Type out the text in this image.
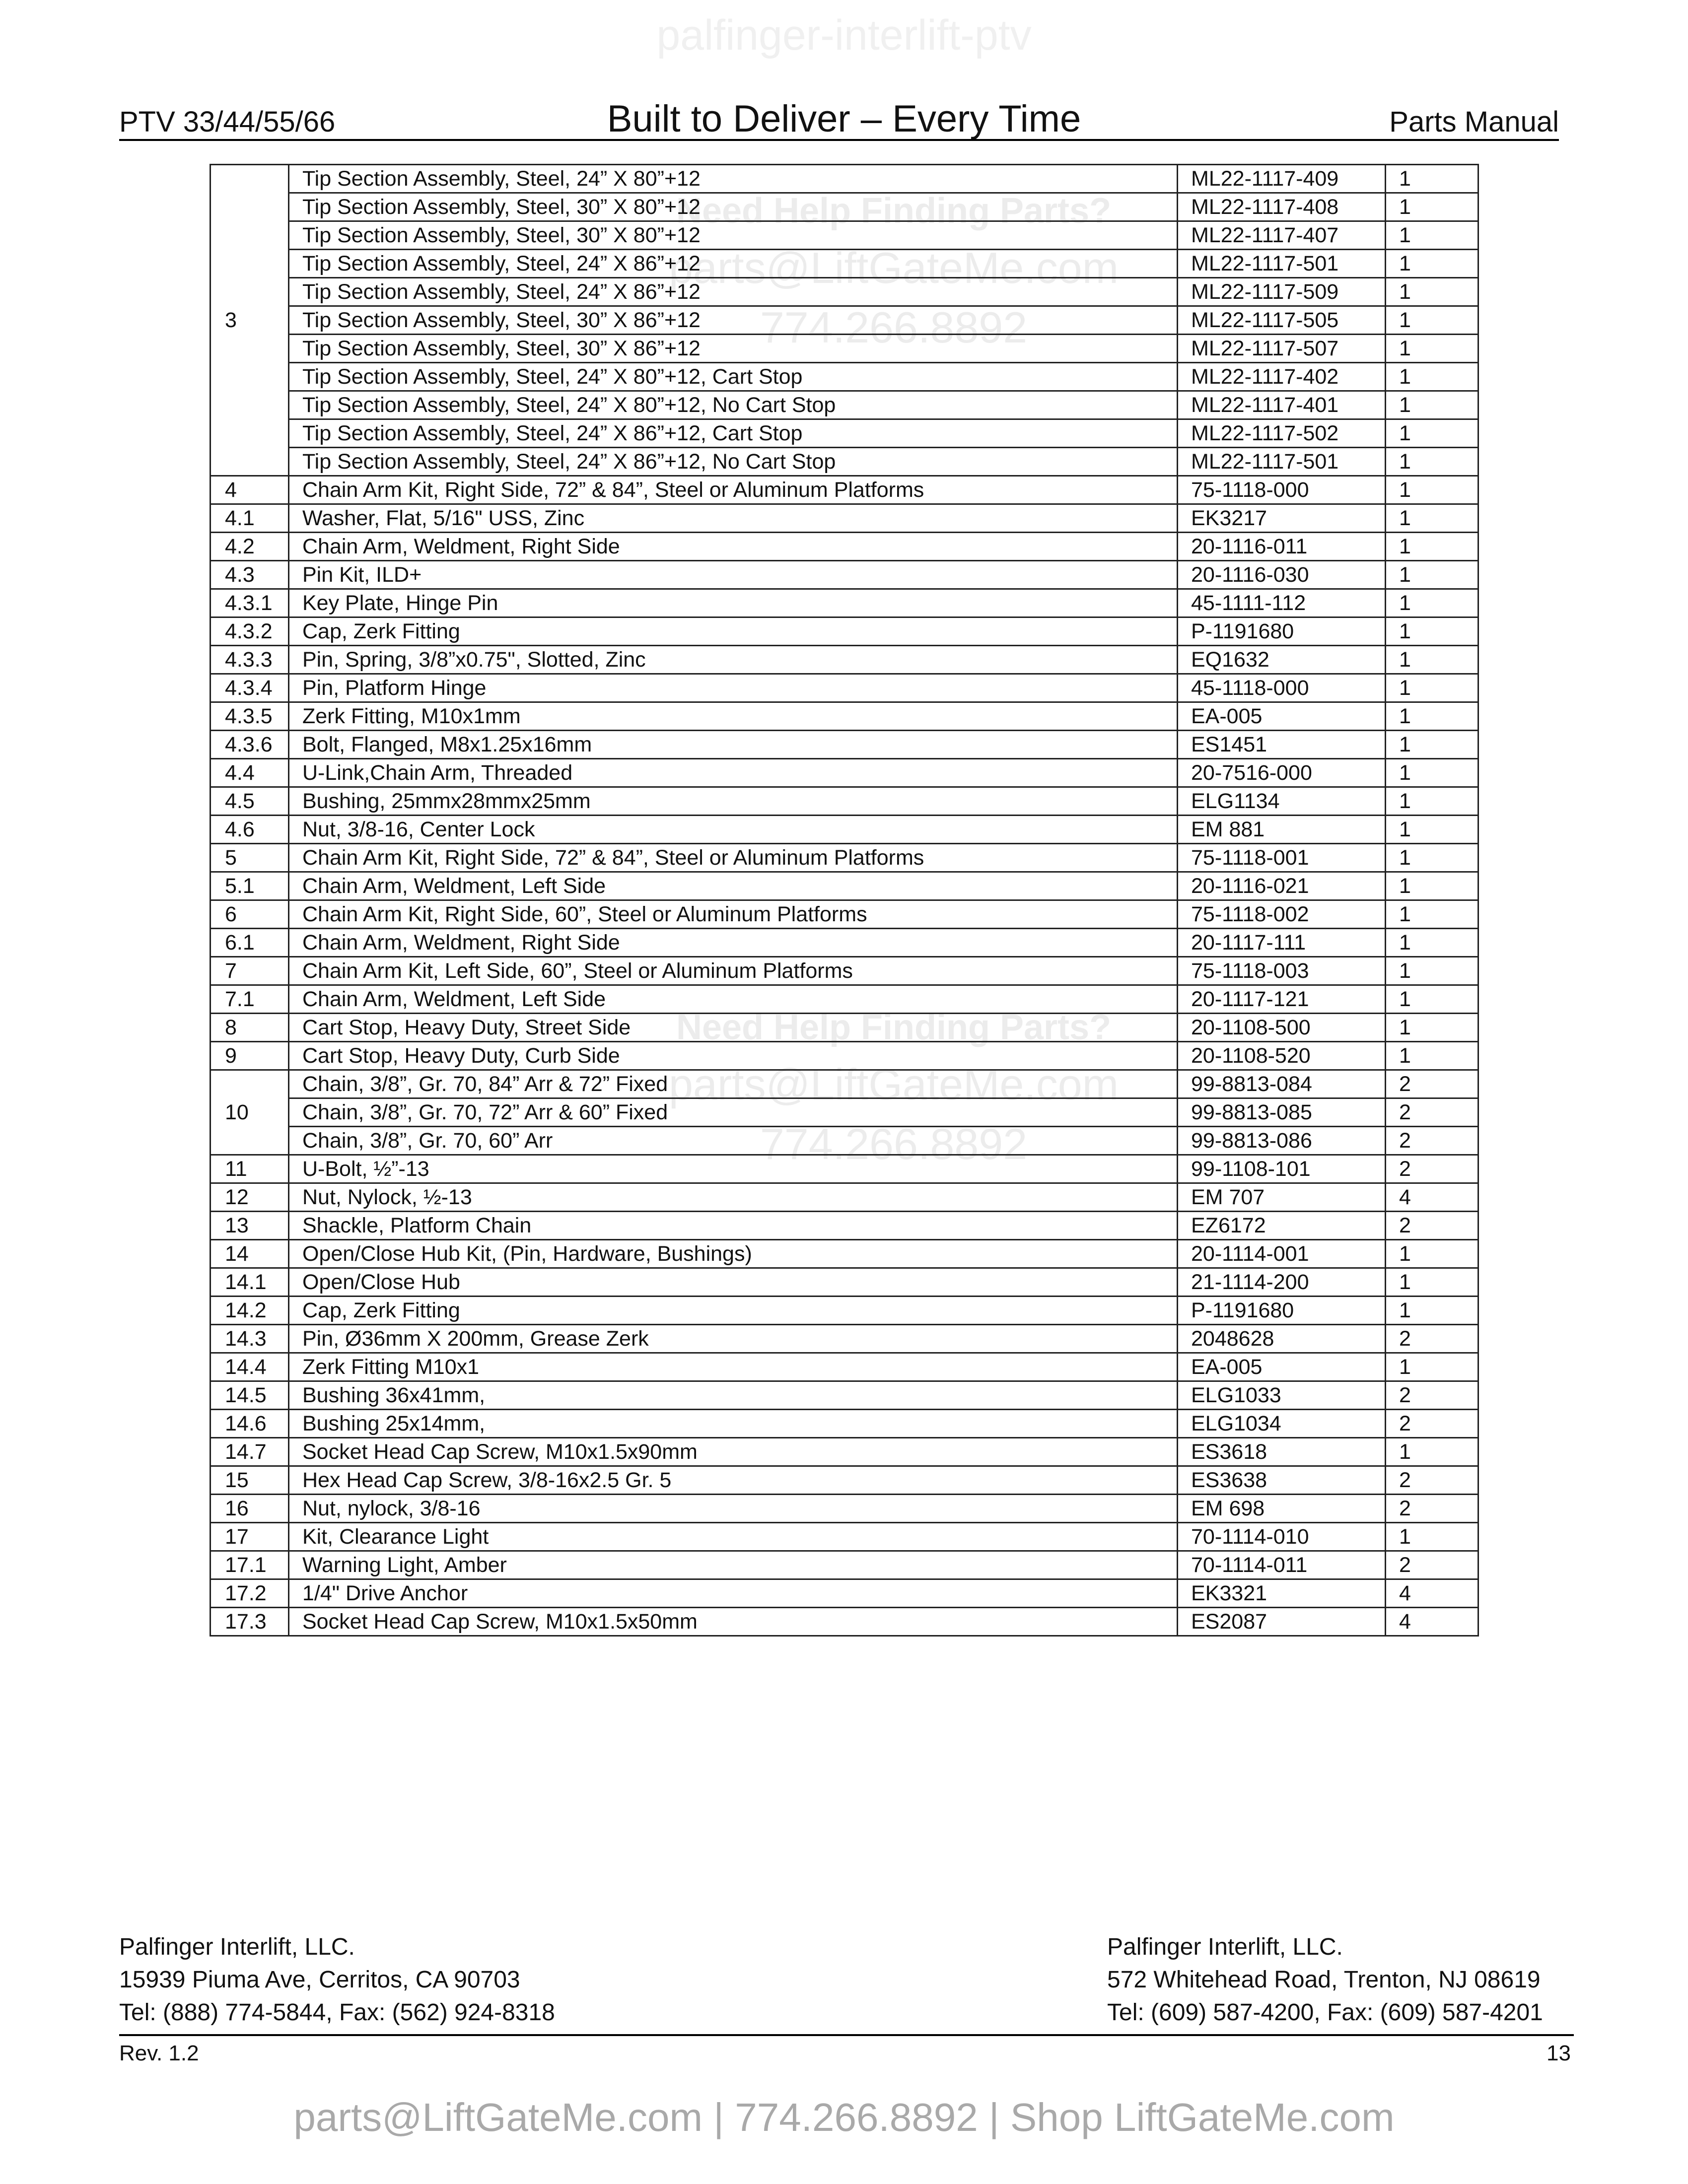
palfinger-interlift-ptv
PTV 33/44/55/66	Built to Deliver – Every Time	Parts Manual
Need Help Finding Parts?
parts@LiftGateMe.com
774.266.8892
Need Help Finding Parts?
parts@LiftGateMe.com
774.266.8892
3	Tip Section Assembly, Steel, 24” X 80”+12	ML22-1117-409	1
	Tip Section Assembly, Steel, 30” X 80”+12	ML22-1117-408	1
	Tip Section Assembly, Steel, 30” X 80”+12	ML22-1117-407	1
	Tip Section Assembly, Steel, 24” X 86”+12	ML22-1117-501	1
	Tip Section Assembly, Steel, 24” X 86”+12	ML22-1117-509	1
	Tip Section Assembly, Steel, 30” X 86”+12	ML22-1117-505	1
	Tip Section Assembly, Steel, 30” X 86”+12	ML22-1117-507	1
	Tip Section Assembly, Steel, 24” X 80”+12, Cart Stop	ML22-1117-402	1
	Tip Section Assembly, Steel, 24” X 80”+12, No Cart Stop	ML22-1117-401	1
	Tip Section Assembly, Steel, 24” X 86”+12, Cart Stop	ML22-1117-502	1
	Tip Section Assembly, Steel, 24” X 86”+12, No Cart Stop	ML22-1117-501	1
4	Chain Arm Kit, Right Side, 72” & 84”, Steel or Aluminum Platforms	75-1118-000	1
4.1	Washer, Flat, 5/16" USS, Zinc	EK3217	1
4.2	Chain Arm, Weldment, Right Side	20-1116-011	1
4.3	Pin Kit, ILD+	20-1116-030	1
4.3.1	Key Plate, Hinge Pin	45-1111-112	1
4.3.2	Cap, Zerk Fitting	P-1191680	1
4.3.3	Pin, Spring, 3/8”x0.75", Slotted, Zinc	EQ1632	1
4.3.4	Pin, Platform Hinge	45-1118-000	1
4.3.5	Zerk Fitting, M10x1mm	EA-005	1
4.3.6	Bolt, Flanged, M8x1.25x16mm	ES1451	1
4.4	U-Link,Chain Arm, Threaded	20-7516-000	1
4.5	Bushing, 25mmx28mmx25mm	ELG1134	1
4.6	Nut, 3/8-16, Center Lock	EM 881	1
5	Chain Arm Kit, Right Side, 72” & 84”, Steel or Aluminum Platforms	75-1118-001	1
5.1	Chain Arm, Weldment, Left Side	20-1116-021	1
6	Chain Arm Kit, Right Side, 60”, Steel or Aluminum Platforms	75-1118-002	1
6.1	Chain Arm, Weldment, Right Side	20-1117-111	1
7	Chain Arm Kit, Left Side, 60”, Steel or Aluminum Platforms	75-1118-003	1
7.1	Chain Arm, Weldment, Left Side	20-1117-121	1
8	Cart Stop, Heavy Duty, Street Side	20-1108-500	1
9	Cart Stop, Heavy Duty, Curb Side	20-1108-520	1
10	Chain, 3/8”, Gr. 70, 84” Arr & 72” Fixed	99-8813-084	2
	Chain, 3/8”, Gr. 70, 72” Arr & 60” Fixed	99-8813-085	2
	Chain, 3/8”, Gr. 70, 60” Arr	99-8813-086	2
11	U-Bolt, ½”-13	99-1108-101	2
12	Nut, Nylock, ½-13	EM 707	4
13	Shackle, Platform Chain	EZ6172	2
14	Open/Close Hub Kit, (Pin, Hardware, Bushings)	20-1114-001	1
14.1	Open/Close Hub	21-1114-200	1
14.2	Cap, Zerk Fitting	P-1191680	1
14.3	Pin, Ø36mm X 200mm, Grease Zerk	2048628	2
14.4	Zerk Fitting M10x1	EA-005	1
14.5	Bushing 36x41mm,	ELG1033	2
14.6	Bushing 25x14mm,	ELG1034	2
14.7	Socket Head Cap Screw, M10x1.5x90mm	ES3618	1
15	Hex Head Cap Screw, 3/8-16x2.5 Gr. 5	ES3638	2
16	Nut, nylock, 3/8-16	EM 698	2
17	Kit, Clearance Light	70-1114-010	1
17.1	Warning Light, Amber	70-1114-011	2
17.2	1/4" Drive Anchor	EK3321	4
17.3	Socket Head Cap Screw, M10x1.5x50mm	ES2087	4
Palfinger Interlift, LLC.
15939 Piuma Ave, Cerritos, CA 90703
Tel: (888) 774-5844, Fax: (562) 924-8318
Palfinger Interlift, LLC.
572 Whitehead Road, Trenton, NJ 08619
Tel: (609) 587-4200, Fax: (609) 587-4201
Rev. 1.2	13
parts@LiftGateMe.com | 774.266.8892 | Shop LiftGateMe.com
